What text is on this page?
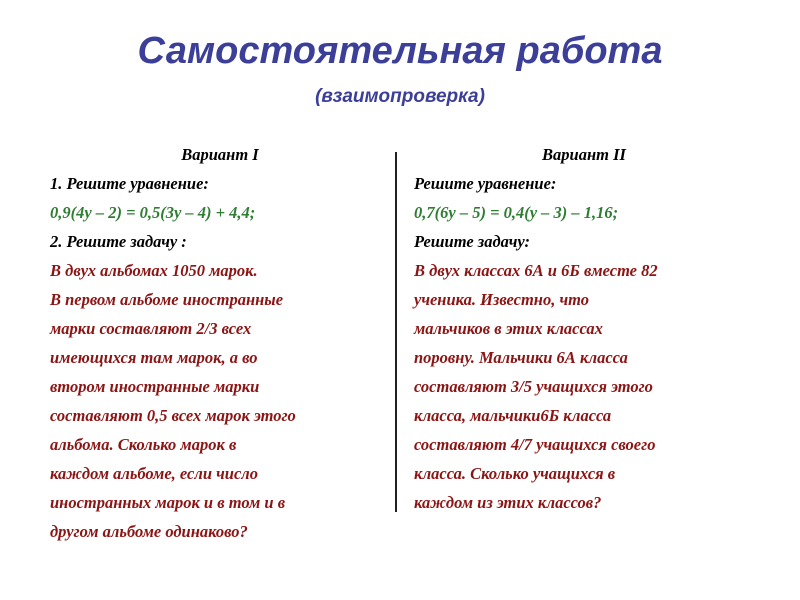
Самостоятельная работа
(взаимопроверка)
Вариант I
1. Решите уравнение:
0,9(4у – 2) = 0,5(3у – 4) + 4,4;
2. Решите задачу :
В двух альбомах 1050 марок.
В первом альбоме иностранные
марки составляют 2/3 всех
имеющихся там марок, а во
втором иностранные марки
составляют 0,5 всех марок этого
альбома. Сколько марок в
каждом альбоме, если число
иностранных марок и в том и в
другом альбоме одинаково?
Вариант II
Решите уравнение:
0,7(6у – 5) = 0,4(у – 3) – 1,16;
Решите задачу:
В двух классах 6А и 6Б вместе 82
ученика. Известно, что
мальчиков в этих классах
поровну. Мальчики 6А класса
составляют 3/5 учащихся этого
класса, мальчики6Б класса
составляют 4/7 учащихся своего
класса. Сколько учащихся в
каждом из этих классов?
